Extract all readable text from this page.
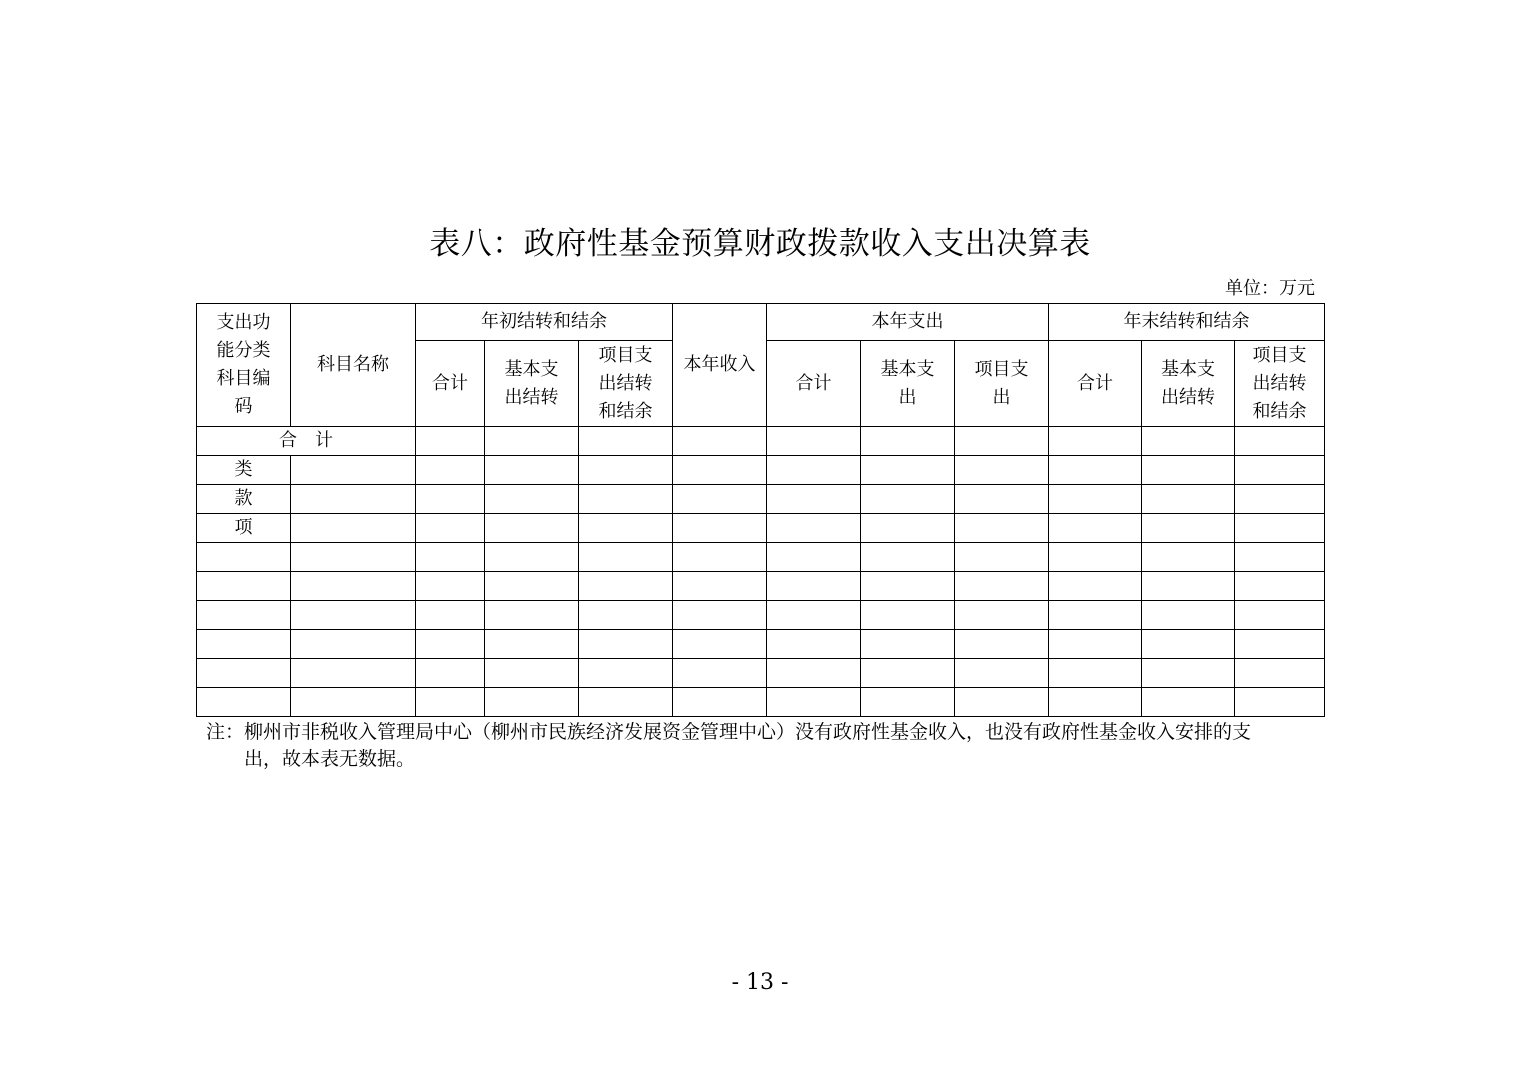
表八：政府性基金预算财政拨款收入支出决算表
单位：万元
支出功能分类科目编码	科目名称	年初结转和结余			本年收入	本年支出			年末结转和结余		
		合计	基本支出结转	项目支出结转和结余		合计	基本支出	项目支出	合计	基本支出结转	项目支出结转和结余

合　计											
类											
款											
项											

注：柳州市非税收入管理局中心（柳州市民族经济发展资金管理中心）没有政府性基金收入，也没有政府性基金收入安排的支
出，故本表无数据。
- 13 -
